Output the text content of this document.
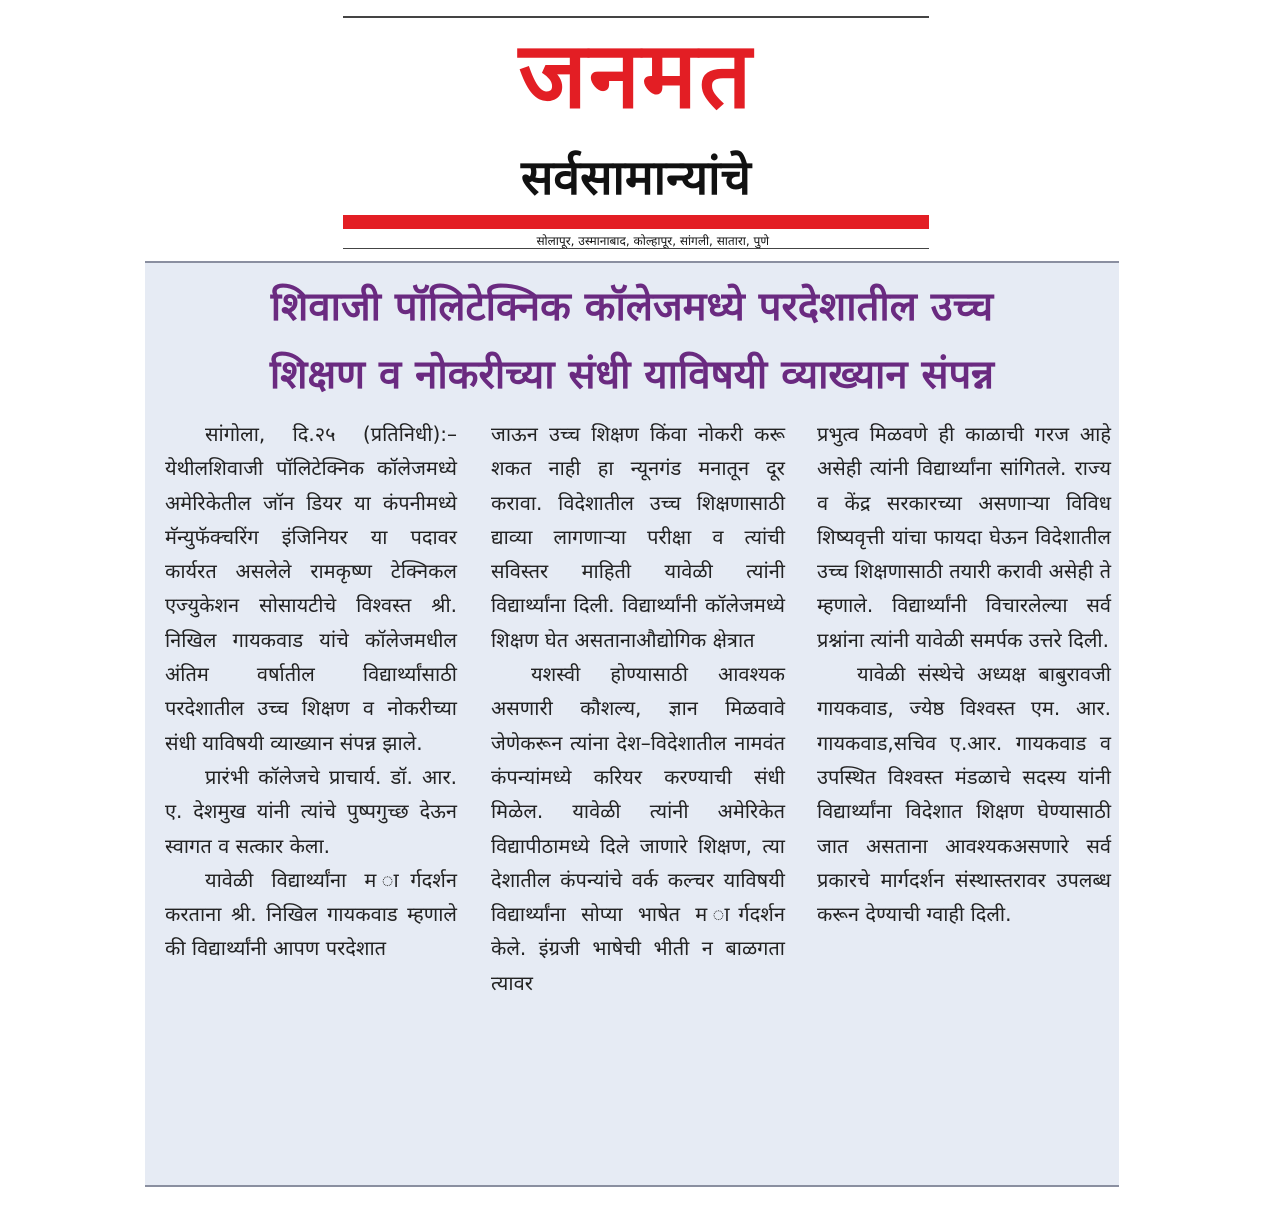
जनमत
सर्वसामान्यांचे
सोलापूर, उस्मानाबाद, कोल्हापूर, सांगली, सातारा, पुणे
शिवाजी पॉलिटेक्निक कॉलेजमध्ये परदेशातील उच्च
शिक्षण व नोकरीच्या संधी याविषयी व्याख्यान संपन्न

सांगोला, दि.२५ (प्रतिनिधी):– येथीलशिवाजी पॉलिटेक्निक कॉलेजमध्ये अमेरिकेतील जॉन डियर या कंपनीमध्ये मॅन्युफॅक्चरिंग इंजिनियर या पदावर कार्यरत असलेले रामकृष्ण टेक्निकल एज्युकेशन सोसायटीचे विश्वस्त श्री. निखिल गायकवाड यांचे कॉलेजमधील अंतिम वर्षातील विद्यार्थ्यांसाठी परदेशातील उच्च शिक्षण व नोकरीच्या संधी याविषयी व्याख्यान संपन्न झाले.

प्रारंभी कॉलेजचे प्राचार्य. डॉ. आर. ए. देशमुख यांनी त्यांचे पुष्पगुच्छ देऊन स्वागत व सत्कार केला.

यावेळी विद्यार्थ्यांना म ार्गदर्शन करताना श्री. निखिल गायकवाड म्हणाले की विद्यार्थ्यांनी आपण परदेशात

जाऊन उच्च शिक्षण किंवा नोकरी करू शकत नाही हा न्यूनगंड मनातून दूर करावा. विदेशातील उच्च शिक्षणासाठी द्याव्या लागणाऱ्या परीक्षा व त्यांची सविस्तर माहिती यावेळी त्यांनी विद्यार्थ्यांना दिली. विद्यार्थ्यांनी कॉलेजमध्ये शिक्षण घेत असतानाऔद्योगिक क्षेत्रात

यशस्वी होण्यासाठी आवश्यक असणारी कौशल्य, ज्ञान मिळवावे जेणेकरून त्यांना देश–विदेशातील नामवंत कंपन्यांमध्ये करियर करण्याची संधी मिळेल. यावेळी त्यांनी अमेरिकेत विद्यापीठामध्ये दिले जाणारे शिक्षण, त्या देशातील कंपन्यांचे वर्क कल्चर याविषयी विद्यार्थ्यांना सोप्या भाषेत म ार्गदर्शन केले. इंग्रजी भाषेची भीती न बाळगता त्यावर

प्रभुत्व मिळवणे ही काळाची गरज आहे असेही त्यांनी विद्यार्थ्यांना सांगितले. राज्य व केंद्र सरकारच्या असणाऱ्या विविध शिष्यवृत्ती यांचा फायदा घेऊन विदेशातील उच्च शिक्षणासाठी तयारी करावी असेही ते म्हणाले. विद्यार्थ्यांनी विचारलेल्या सर्व प्रश्नांना त्यांनी यावेळी समर्पक उत्तरे दिली.

यावेळी संस्थेचे अध्यक्ष बाबुरावजी गायकवाड, ज्येष्ठ विश्वस्त एम. आर. गायकवाड,सचिव ए.आर. गायकवाड व उपस्थित विश्वस्त मंडळाचे सदस्य यांनी विद्यार्थ्यांना विदेशात शिक्षण घेण्यासाठी जात असताना आवश्यकअसणारे सर्व प्रकारचे मार्गदर्शन संस्थास्तरावर उपलब्ध करून देण्याची ग्वाही दिली.
